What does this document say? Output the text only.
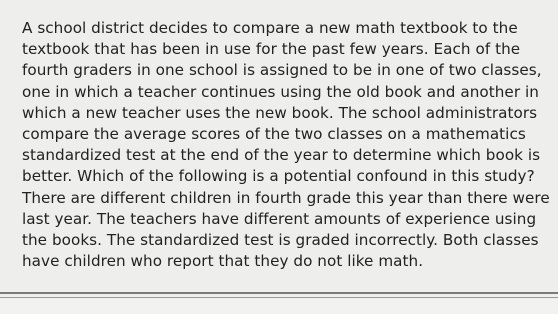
A school district decides to compare a new math textbook to the textbook that has been in use for the past few years. Each of the fourth graders in one school is assigned to be in one of two classes, one in which a teacher continues using the old book and another in which a new teacher uses the new book. The school administrators compare the average scores of the two classes on a mathematics standardized test at the end of the year to determine which book is better. Which of the following is a potential confound in this study? There are different children in fourth grade this year than there were last year. The teachers have different amounts of experience using the books. The standardized test is graded incorrectly. Both classes have children who report that they do not like math.
